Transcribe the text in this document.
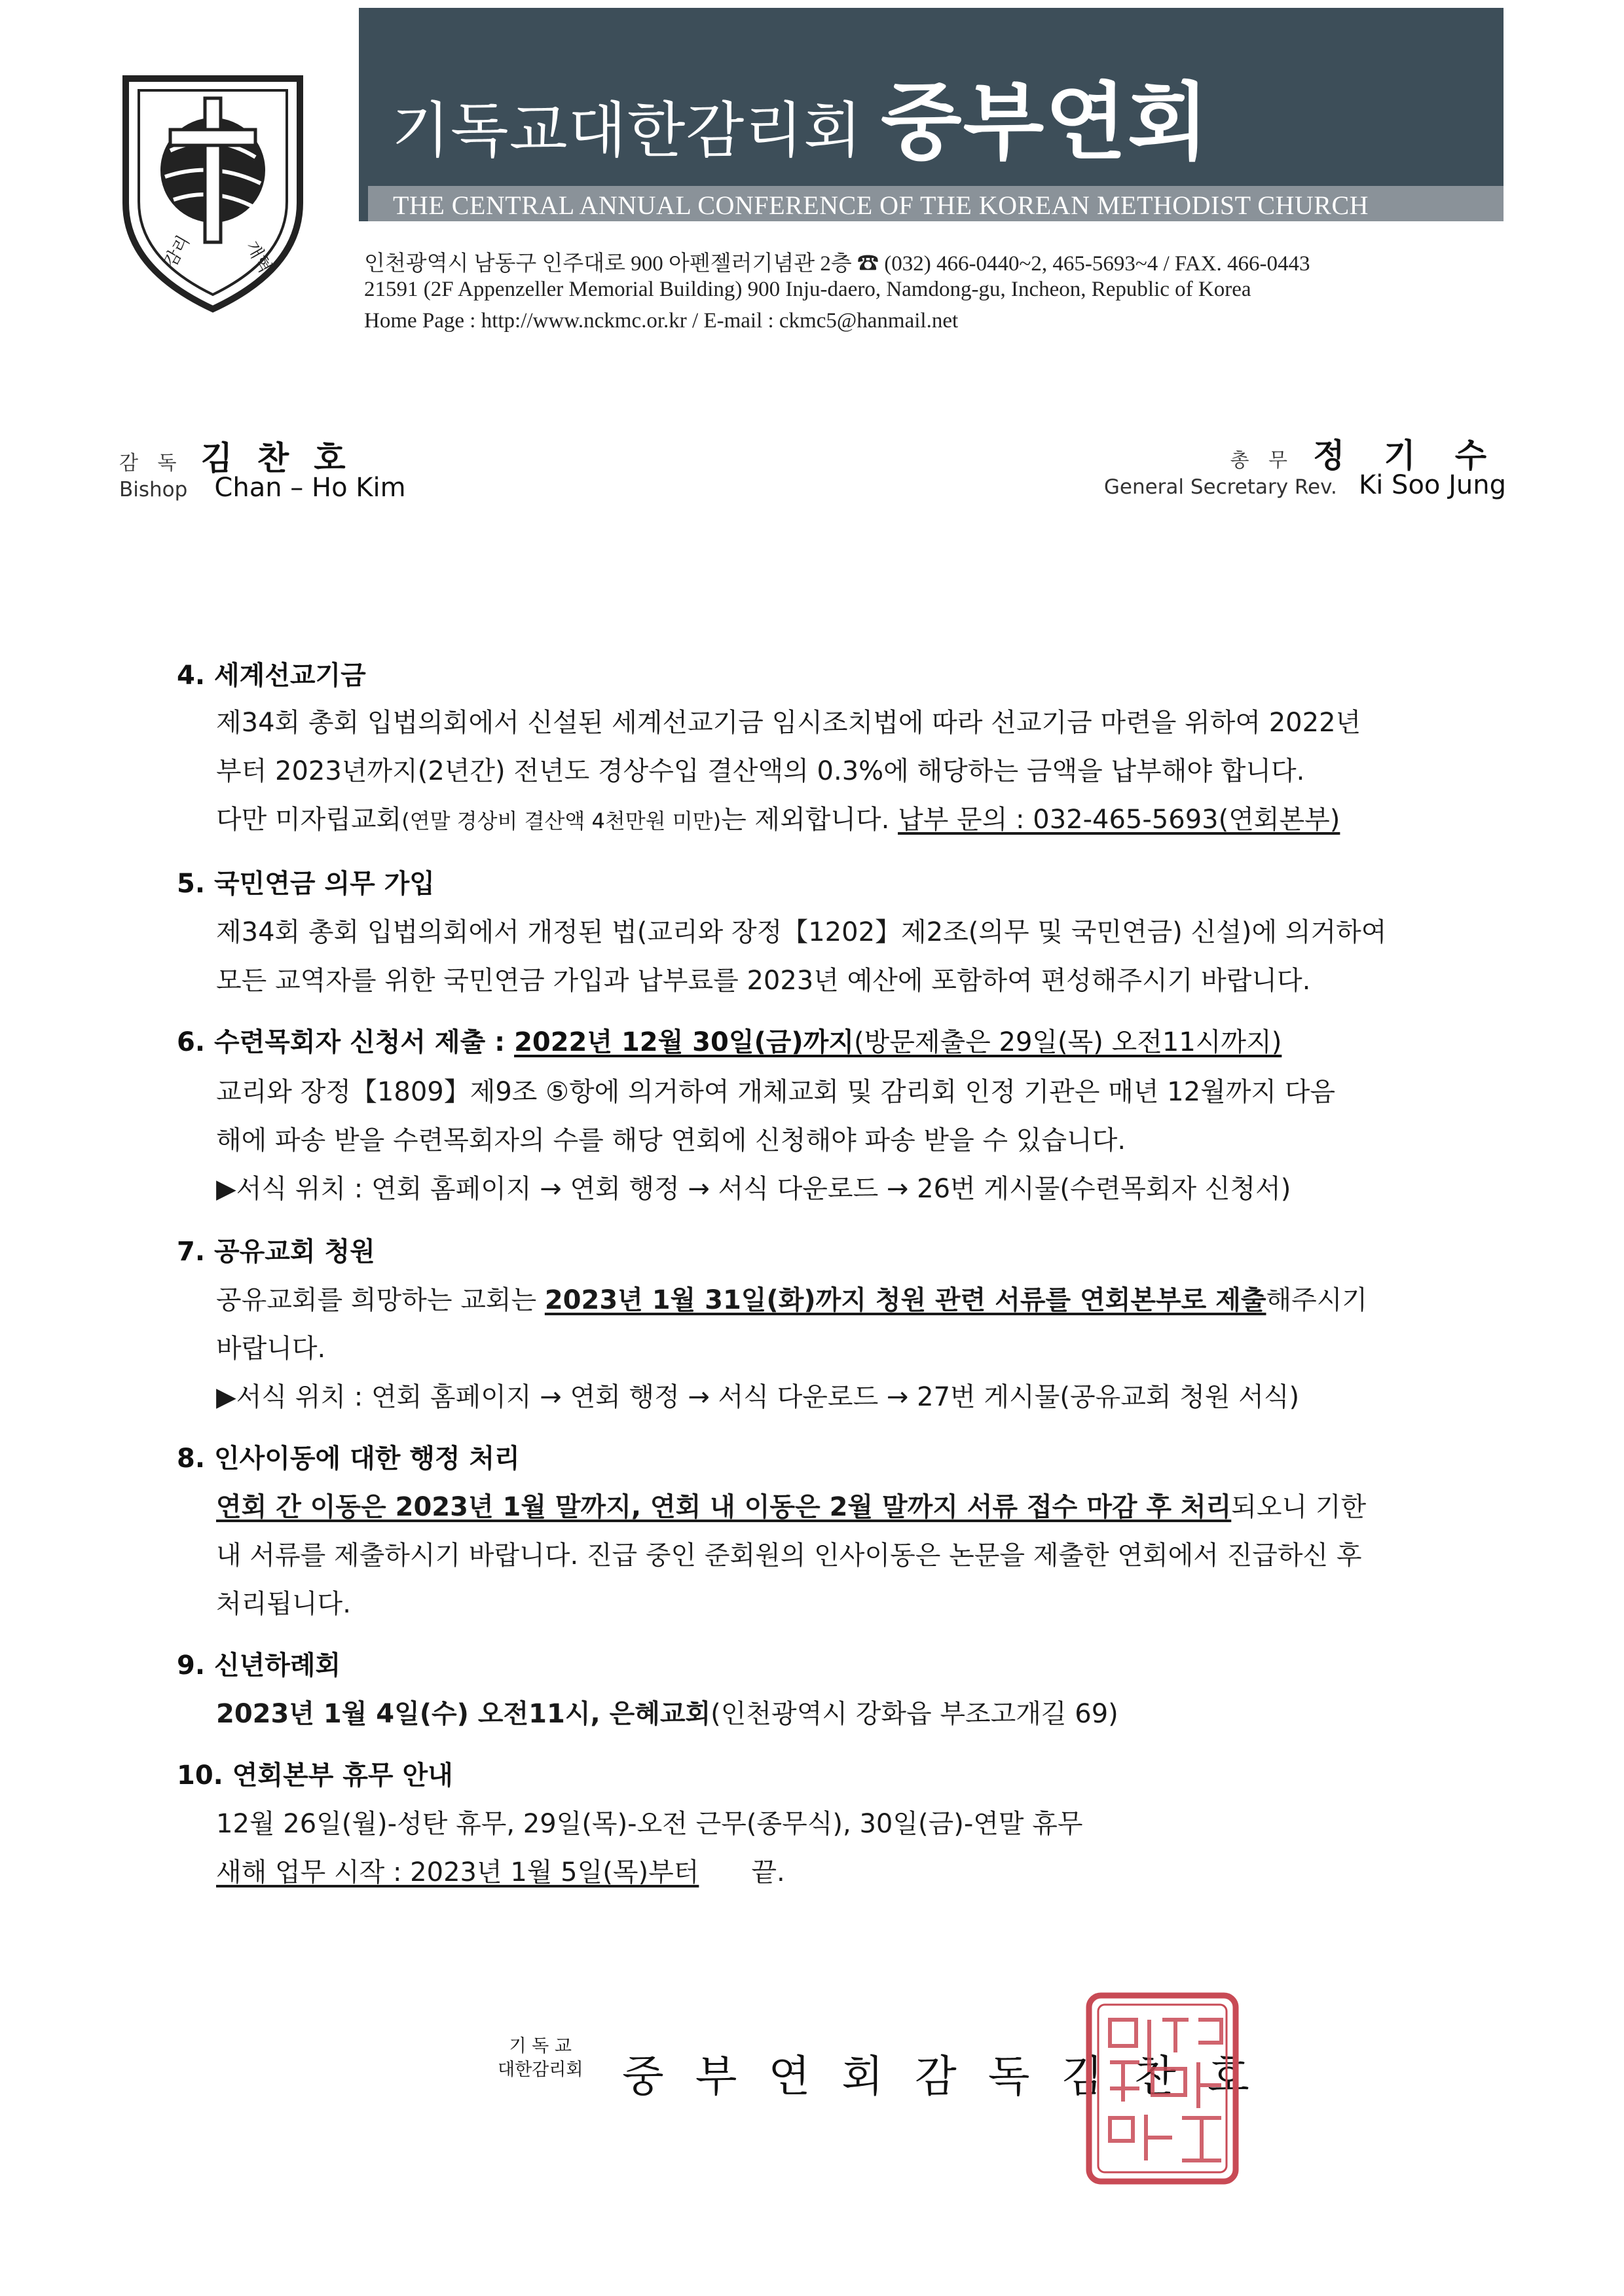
감리	개혁
기독교대한감리회 중부연회
THE CENTRAL ANNUAL CONFERENCE OF THE KOREAN METHODIST CHURCH
인천광역시 남동구 인주대로 900 아펜젤러기념관 2층 ☎ (032) 466-0440~2, 465-5693~4 / FAX. 466-0443
21591 (2F Appenzeller Memorial Building) 900 Inju-daero, Namdong-gu, Incheon, Republic of Korea
Home Page : http://www.nckmc.or.kr / E-mail : ckmc5@hanmail.net
감 독 김찬호
Bishop Chan – Ho Kim
총 무 정기수
General Secretary Rev. Ki Soo Jung
4. 세계선교기금
제34회 총회 입법의회에서 신설된 세계선교기금 임시조치법에 따라 선교기금 마련을 위하여 2022년
부터 2023년까지(2년간) 전년도 경상수입 결산액의 0.3%에 해당하는 금액을 납부해야 합니다.
다만 미자립교회(연말 경상비 결산액 4천만원 미만)는 제외합니다. 납부 문의 : 032-465-5693(연회본부)
5. 국민연금 의무 가입
제34회 총회 입법의회에서 개정된 법(교리와 장정【1202】제2조(의무 및 국민연금) 신설)에 의거하여
모든 교역자를 위한 국민연금 가입과 납부료를 2023년 예산에 포함하여 편성해주시기 바랍니다.
6. 수련목회자 신청서 제출 : 2022년 12월 30일(금)까지(방문제출은 29일(목) 오전11시까지)
교리와 장정【1809】제9조 ⑤항에 의거하여 개체교회 및 감리회 인정 기관은 매년 12월까지 다음
해에 파송 받을 수련목회자의 수를 해당 연회에 신청해야 파송 받을 수 있습니다.
▶서식 위치 : 연회 홈페이지 → 연회 행정 → 서식 다운로드 → 26번 게시물(수련목회자 신청서)
7. 공유교회 청원
공유교회를 희망하는 교회는 2023년 1월 31일(화)까지 청원 관련 서류를 연회본부로 제출해주시기
바랍니다.
▶서식 위치 : 연회 홈페이지 → 연회 행정 → 서식 다운로드 → 27번 게시물(공유교회 청원 서식)
8. 인사이동에 대한 행정 처리
연회 간 이동은 2023년 1월 말까지, 연회 내 이동은 2월 말까지 서류 접수 마감 후 처리되오니 기한
내 서류를 제출하시기 바랍니다. 진급 중인 준회원의 인사이동은 논문을 제출한 연회에서 진급하신 후
처리됩니다.
9. 신년하례회
2023년 1월 4일(수) 오전11시, 은혜교회(인천광역시 강화읍 부조고개길 69)
10. 연회본부 휴무 안내
12월 26일(월)-성탄 휴무, 29일(목)-오전 근무(종무식), 30일(금)-연말 휴무
새해 업무 시작 : 2023년 1월 5일(목)부터 끝.
기 독 교
대한감리회 중부연회감독김찬호
